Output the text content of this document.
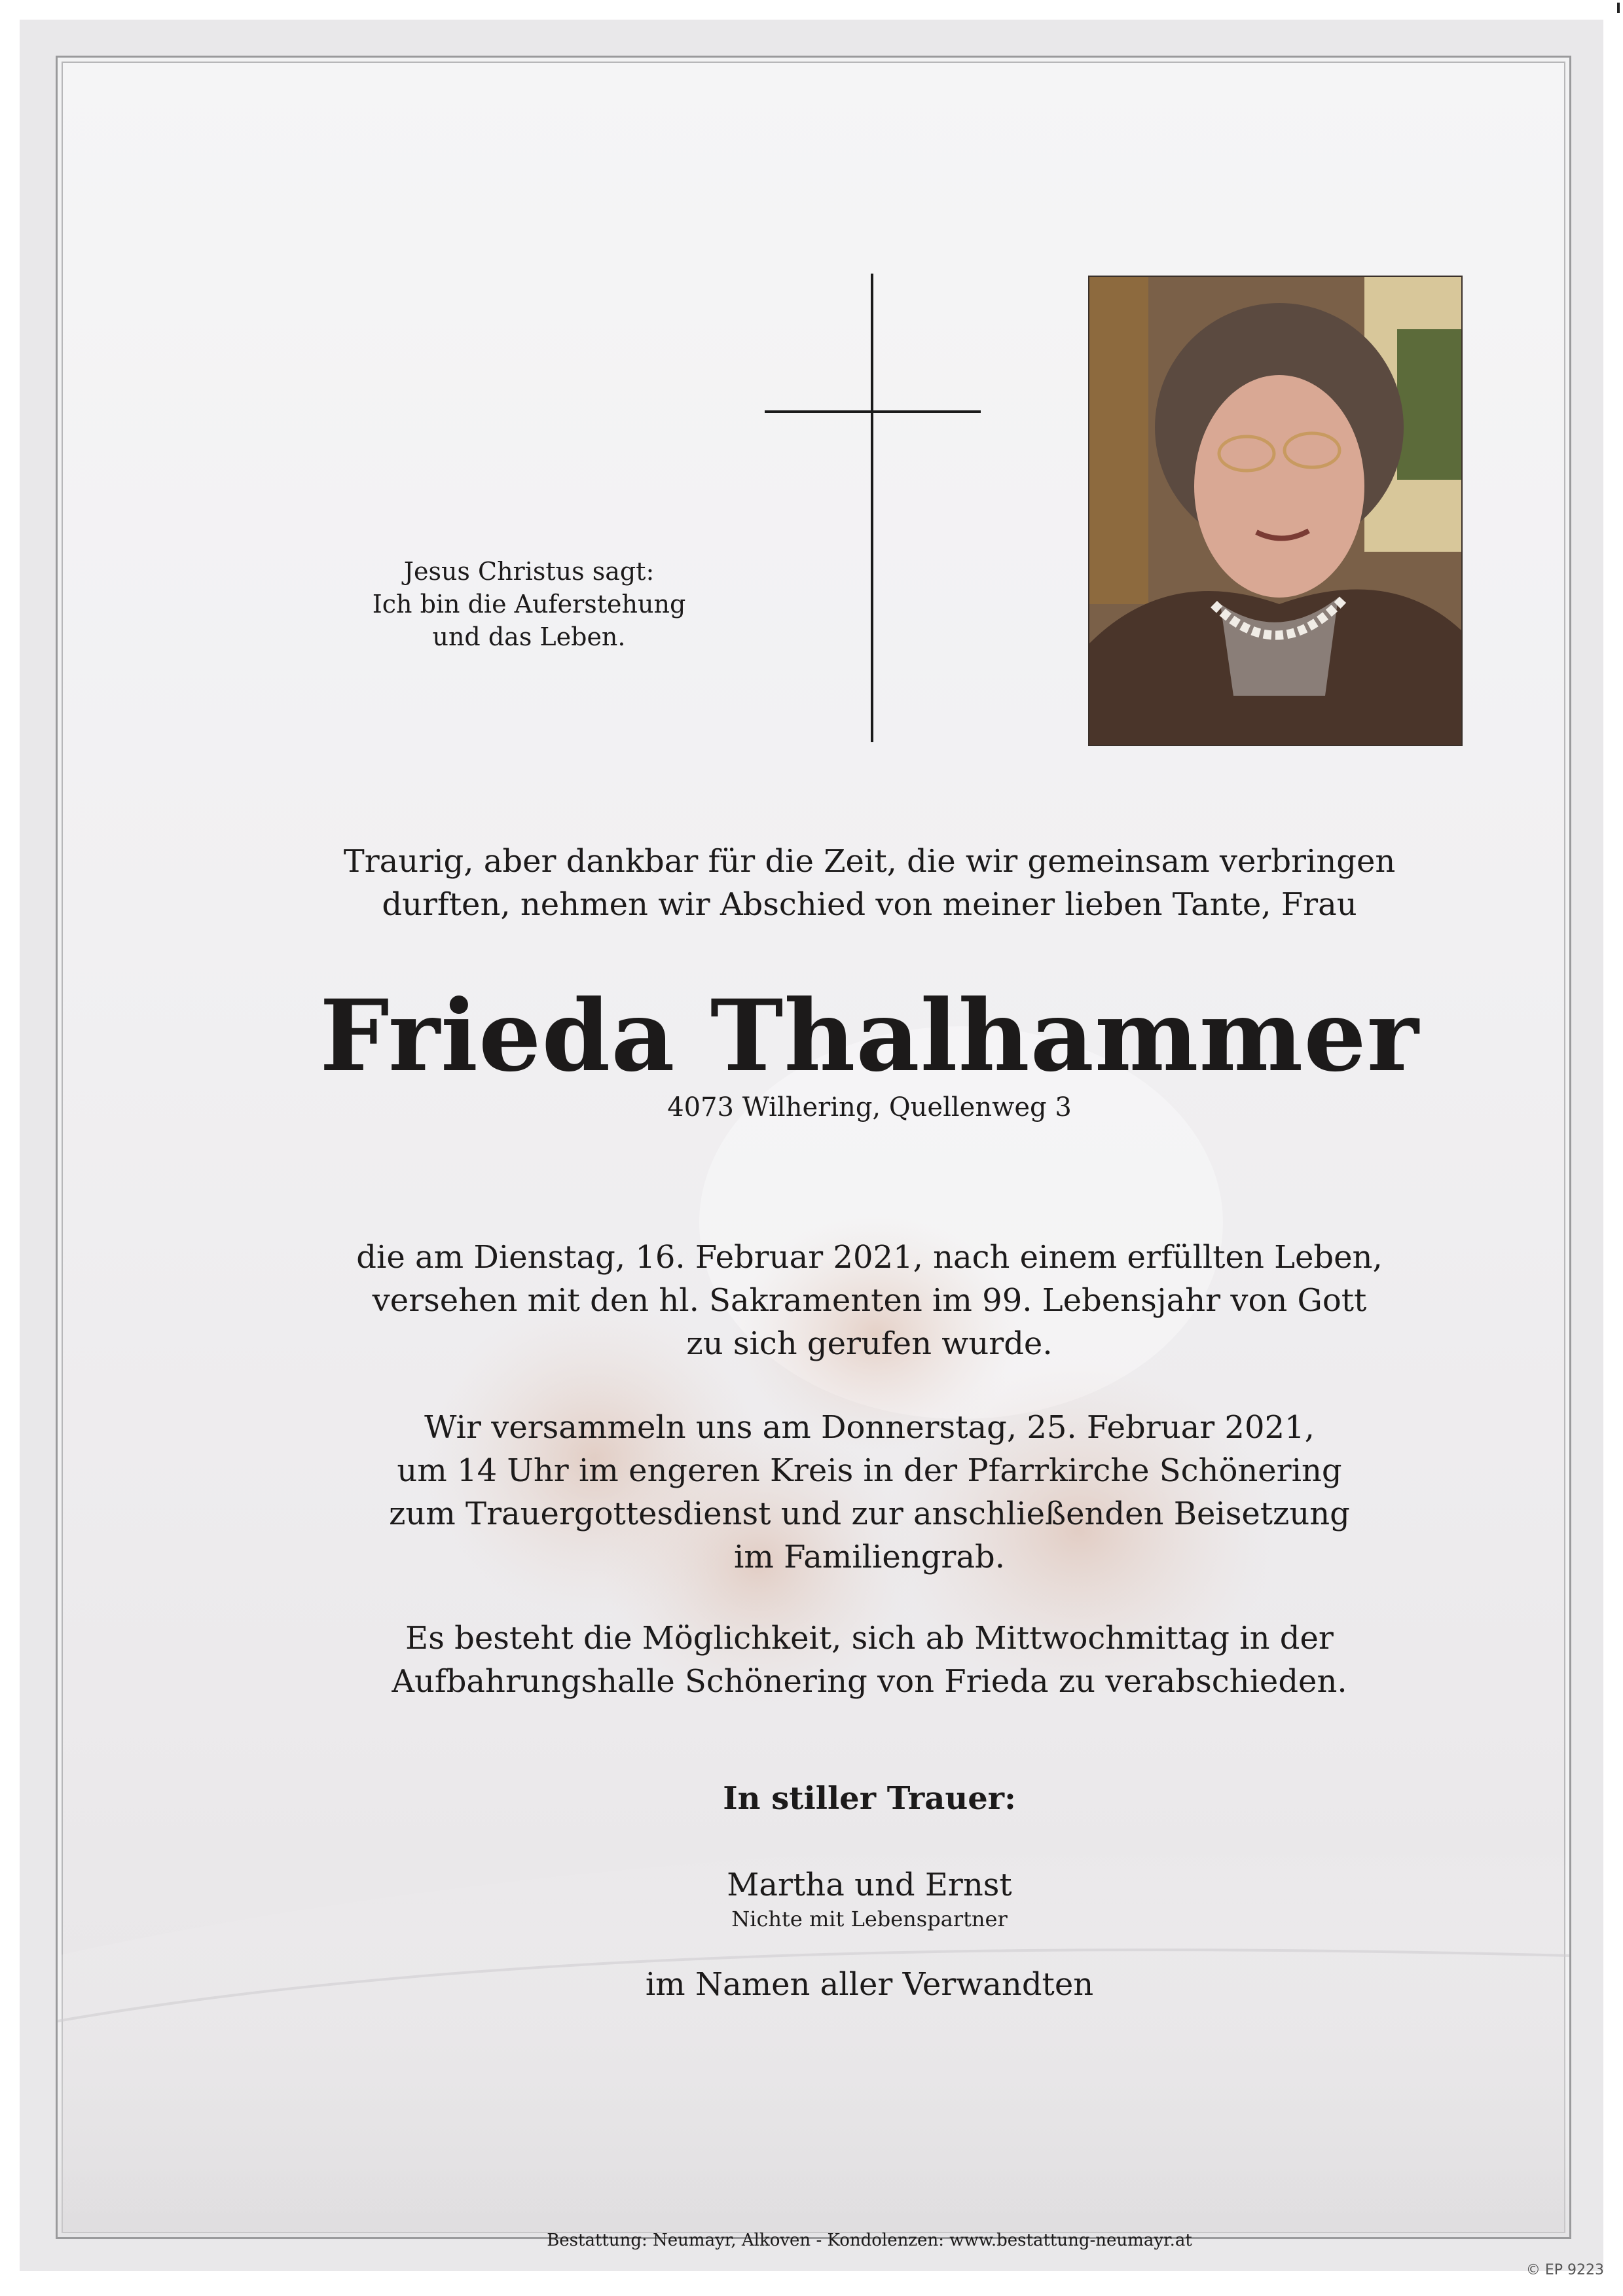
Jesus Christus sagt:
Ich bin die Auferstehung
und das Leben.
Traurig, aber dankbar für die Zeit, die wir gemeinsam verbringen
durften, nehmen wir Abschied von meiner lieben Tante, Frau
Frieda Thalhammer
4073 Wilhering, Quellenweg 3
die am Dienstag, 16. Februar 2021, nach einem erfüllten Leben,
versehen mit den hl. Sakramenten im 99. Lebensjahr von Gott
zu sich gerufen wurde.
Wir versammeln uns am Donnerstag, 25. Februar 2021,
um 14 Uhr im engeren Kreis in der Pfarrkirche Schönering
zum Trauergottesdienst und zur anschließenden Beisetzung
im Familiengrab.
Es besteht die Möglichkeit, sich ab Mittwochmittag in der
Aufbahrungshalle Schönering von Frieda zu verabschieden.
In stiller Trauer:
Martha und Ernst
Nichte mit Lebenspartner
im Namen aller Verwandten
Bestattung: Neumayr, Alkoven - Kondolenzen: www.bestattung-neumayr.at
© EP 9223
